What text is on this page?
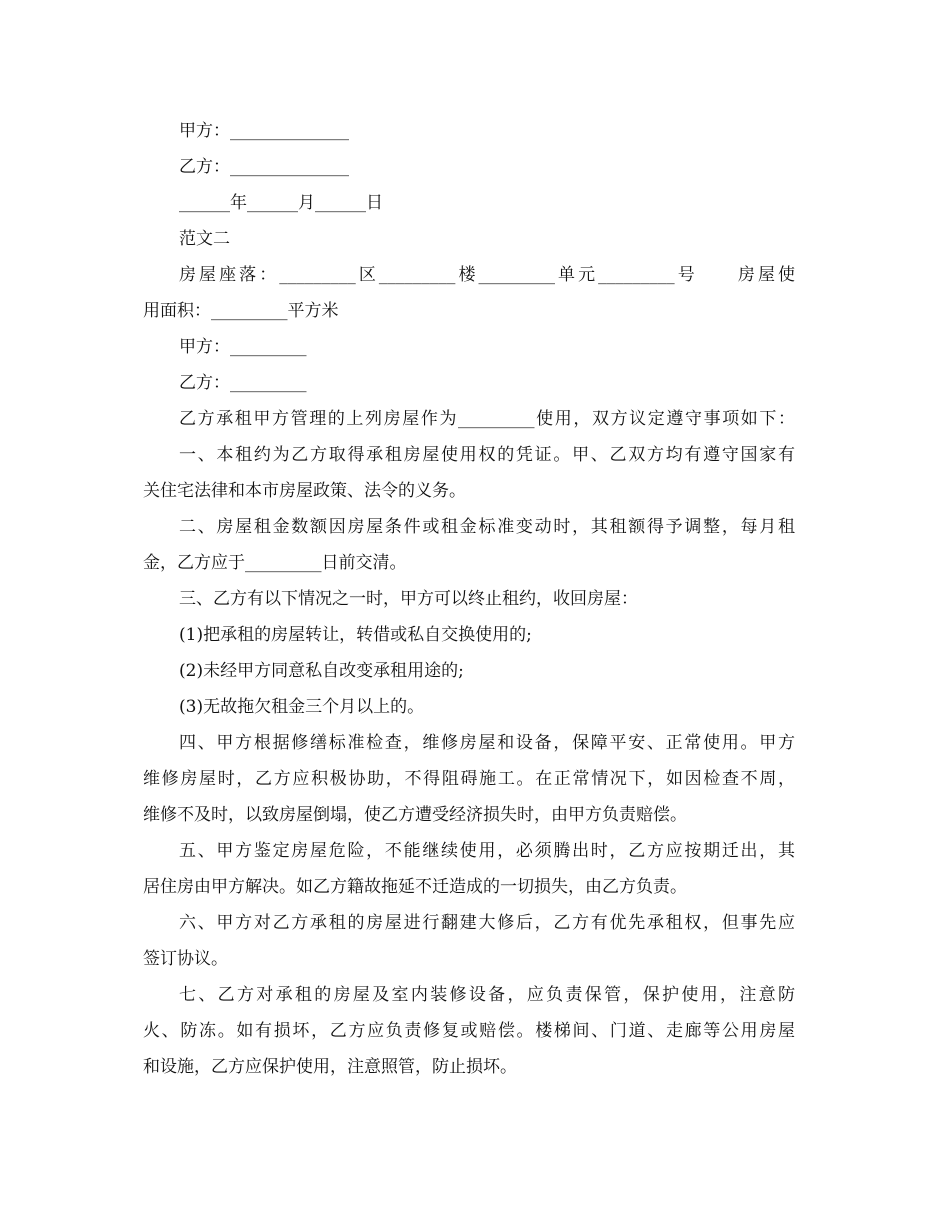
甲方：______________
乙方：______________
______年______月______日
范文二
房屋座落：_________区_________楼_________单元_________号　　房屋使
用面积：_________平方米
甲方：_________
乙方：_________
乙方承租甲方管理的上列房屋作为_________使用，双方议定遵守事项如下：
一、本租约为乙方取得承租房屋使用权的凭证。甲、乙双方均有遵守国家有
关住宅法律和本市房屋政策、法令的义务。
二、房屋租金数额因房屋条件或租金标准变动时，其租额得予调整，每月租
金，乙方应于_________日前交清。
三、乙方有以下情况之一时，甲方可以终止租约，收回房屋：
(1)把承租的房屋转让，转借或私自交换使用的;
(2)未经甲方同意私自改变承租用途的;
(3)无故拖欠租金三个月以上的。
四、甲方根据修缮标准检查，维修房屋和设备，保障平安、正常使用。甲方
维修房屋时，乙方应积极协助，不得阻碍施工。在正常情况下，如因检查不周，
维修不及时，以致房屋倒塌，使乙方遭受经济损失时，由甲方负责赔偿。
五、甲方鉴定房屋危险，不能继续使用，必须腾出时，乙方应按期迁出，其
居住房由甲方解决。如乙方籍故拖延不迁造成的一切损失，由乙方负责。
六、甲方对乙方承租的房屋进行翻建大修后，乙方有优先承租权，但事先应
签订协议。
七、乙方对承租的房屋及室内装修设备，应负责保管，保护使用，注意防
火、防冻。如有损坏，乙方应负责修复或赔偿。楼梯间、门道、走廊等公用房屋
和设施，乙方应保护使用，注意照管，防止损坏。
